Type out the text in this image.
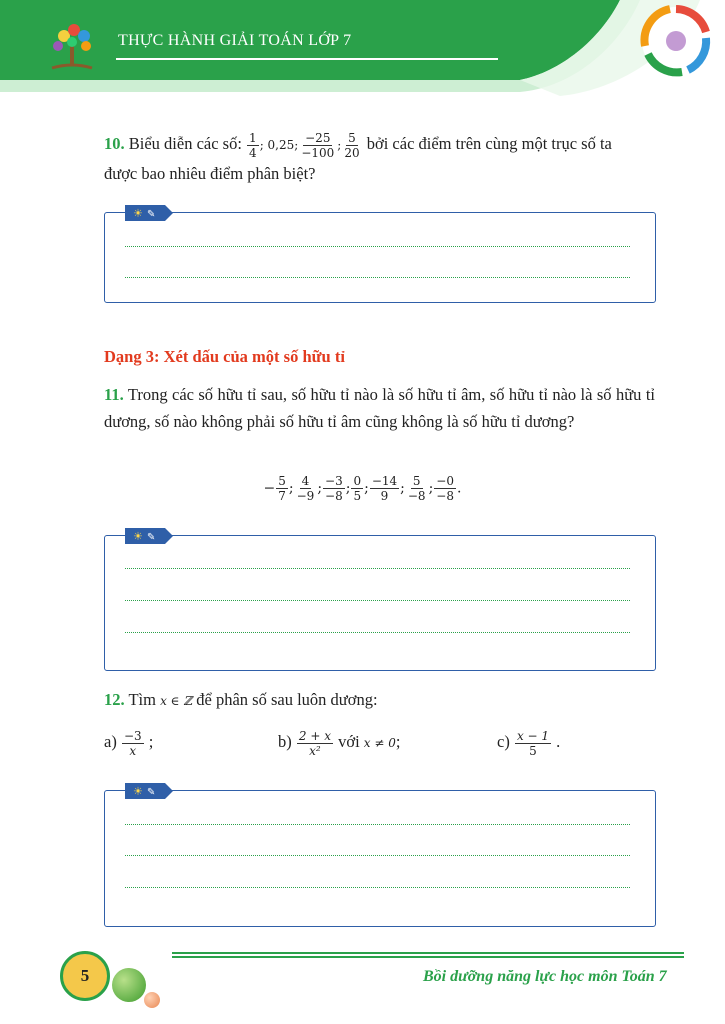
THỰC HÀNH GIẢI TOÁN LỚP 7
10. Biểu diễn các số: $\frac{1}{4}$ ; 0,25; $\frac{-25}{-100}$ ; $\frac{5}{20}$ bởi các điểm trên cùng một trục số ta
được bao nhiêu điểm phân biệt?
☀ ✎
Dạng 3: Xét dấu của một số hữu tỉ
11. Trong các số hữu tỉ sau, số hữu tỉ nào là số hữu tỉ âm, số hữu tỉ nào là số hữu tỉ dương, số nào không phải số hữu tỉ âm cũng không là số hữu tỉ dương?
− $\frac{5}{7}$ ; $\frac{4}{-9}$ ; $\frac{-3}{-8}$ ; $\frac{0}{5}$ ; $\frac{-14}{9}$ ; $\frac{5}{-8}$ ; $\frac{-0}{-8}$ .
☀ ✎
12. Tìm x ∈ ℤ để phân số sau luôn dương:
$a) \frac{-3}{x}$ ;	$b) \frac{2 + x}{\text{x²}}$ với x ≠ 0;	$c) \frac{x - 1}{5}$ .
☀ ✎
5	Bồi dưỡng năng lực học môn Toán 7
